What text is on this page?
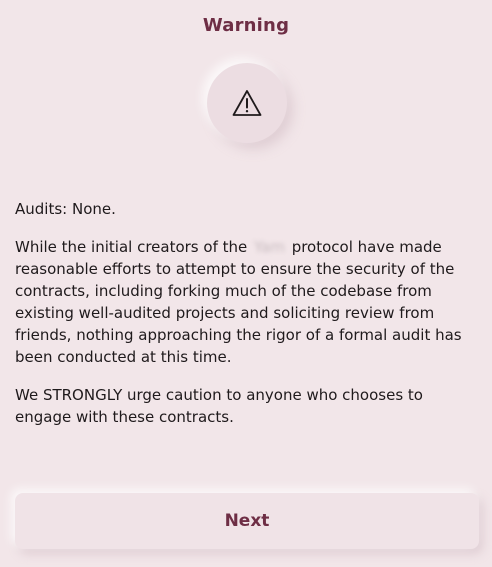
Warning

Audits: None.

While the initial creators of the Yam protocol have made reasonable efforts to attempt to ensure the security of the contracts, including forking much of the codebase from existing well-audited projects and soliciting review from friends, nothing approaching the rigor of a formal audit has been conducted at this time.

We STRONGLY urge caution to anyone who chooses to engage with these contracts.

Next
